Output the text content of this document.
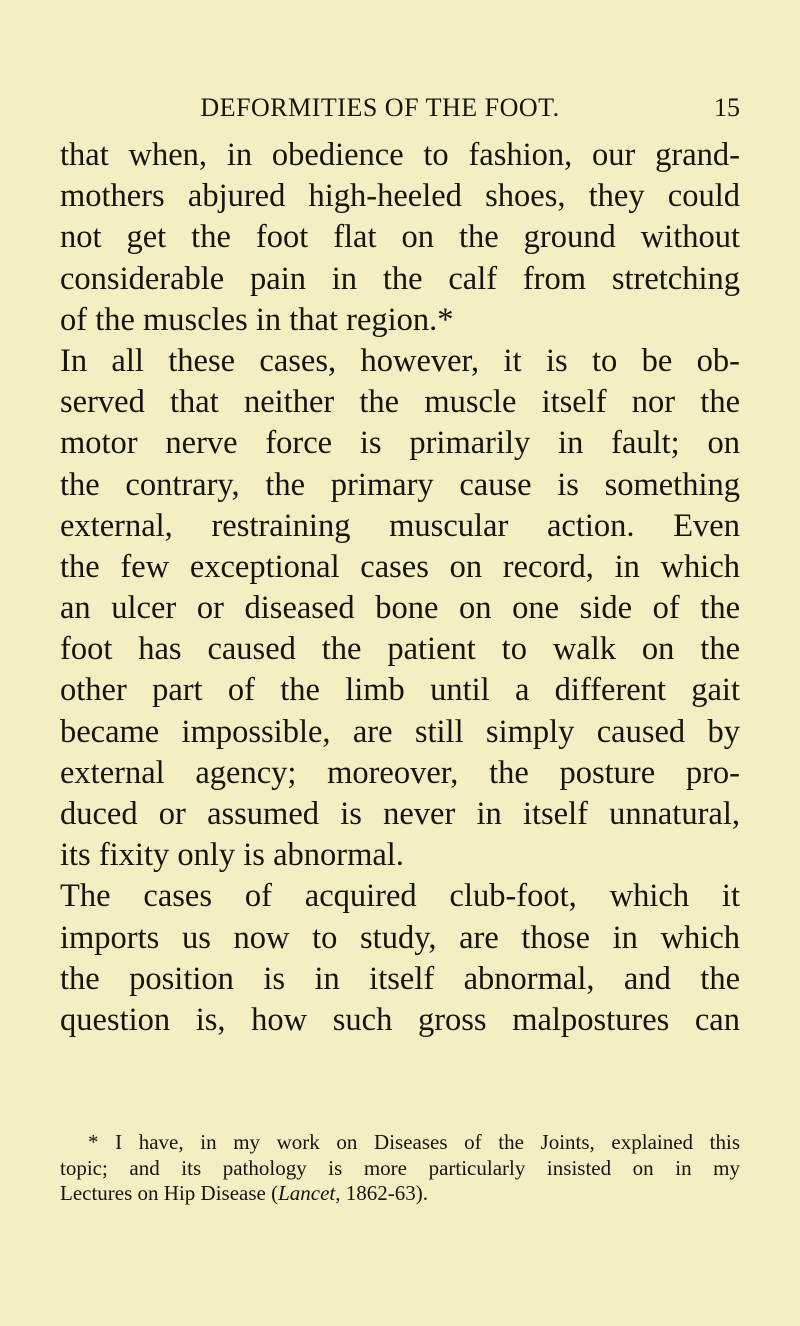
DEFORMITIES OF THE FOOT.	15
that when, in obedience to fashion, our grand-
mothers abjured high-heeled shoes, they could
not get the foot flat on the ground without
considerable pain in the calf from stretching
of the muscles in that region.*
In all these cases, however, it is to be ob-
served that neither the muscle itself nor the
motor nerve force is primarily in fault; on
the contrary, the primary cause is something
external, restraining muscular action. Even
the few exceptional cases on record, in which
an ulcer or diseased bone on one side of the
foot has caused the patient to walk on the
other part of the limb until a different gait
became impossible, are still simply caused by
external agency; moreover, the posture pro-
duced or assumed is never in itself unnatural,
its fixity only is abnormal.
The cases of acquired club-foot, which it
imports us now to study, are those in which
the position is in itself abnormal, and the
question is, how such gross malpostures can
* I have, in my work on Diseases of the Joints, explained this
topic; and its pathology is more particularly insisted on in my
Lectures on Hip Disease (Lancet, 1862-63).
